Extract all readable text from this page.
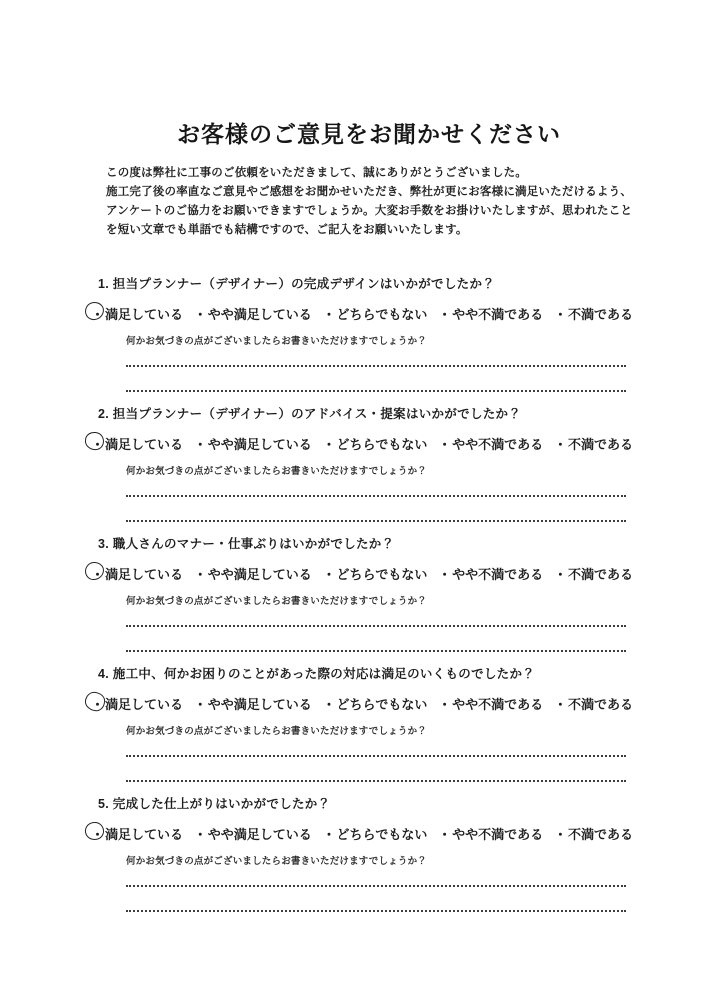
お客様のご意見をお聞かせください

この度は弊社に工事のご依頼をいただきまして、誠にありがとうございました。

施工完了後の率直なご意見やご感想をお聞かせいただき、弊社が更にお客様に満足いただけるよう、アンケートのご協力をお願いできますでしょうか。大変お手数をお掛けいたしますが、思われたことを短い文章でも単語でも結構ですので、ご記入をお願いいたします。

1. 担当プランナー（デザイナー）の完成デザインはいかがでしたか？
・ 満足している ・ やや満足している ・ どちらでもない ・ やや不満である ・ 不満である
何かお気づきの点がございましたらお書きいただけますでしょうか？
2. 担当プランナー（デザイナー）のアドバイス・提案はいかがでしたか？
・ 満足している ・ やや満足している ・ どちらでもない ・ やや不満である ・ 不満である
何かお気づきの点がございましたらお書きいただけますでしょうか？
3. 職人さんのマナー・仕事ぶりはいかがでしたか？
・ 満足している ・ やや満足している ・ どちらでもない ・ やや不満である ・ 不満である
何かお気づきの点がございましたらお書きいただけますでしょうか？
4. 施工中、何かお困りのことがあった際の対応は満足のいくものでしたか？
・ 満足している ・ やや満足している ・ どちらでもない ・ やや不満である ・ 不満である
何かお気づきの点がございましたらお書きいただけますでしょうか？
5. 完成した仕上がりはいかがでしたか？
・ 満足している ・ やや満足している ・ どちらでもない ・ やや不満である ・ 不満である
何かお気づきの点がございましたらお書きいただけますでしょうか？
